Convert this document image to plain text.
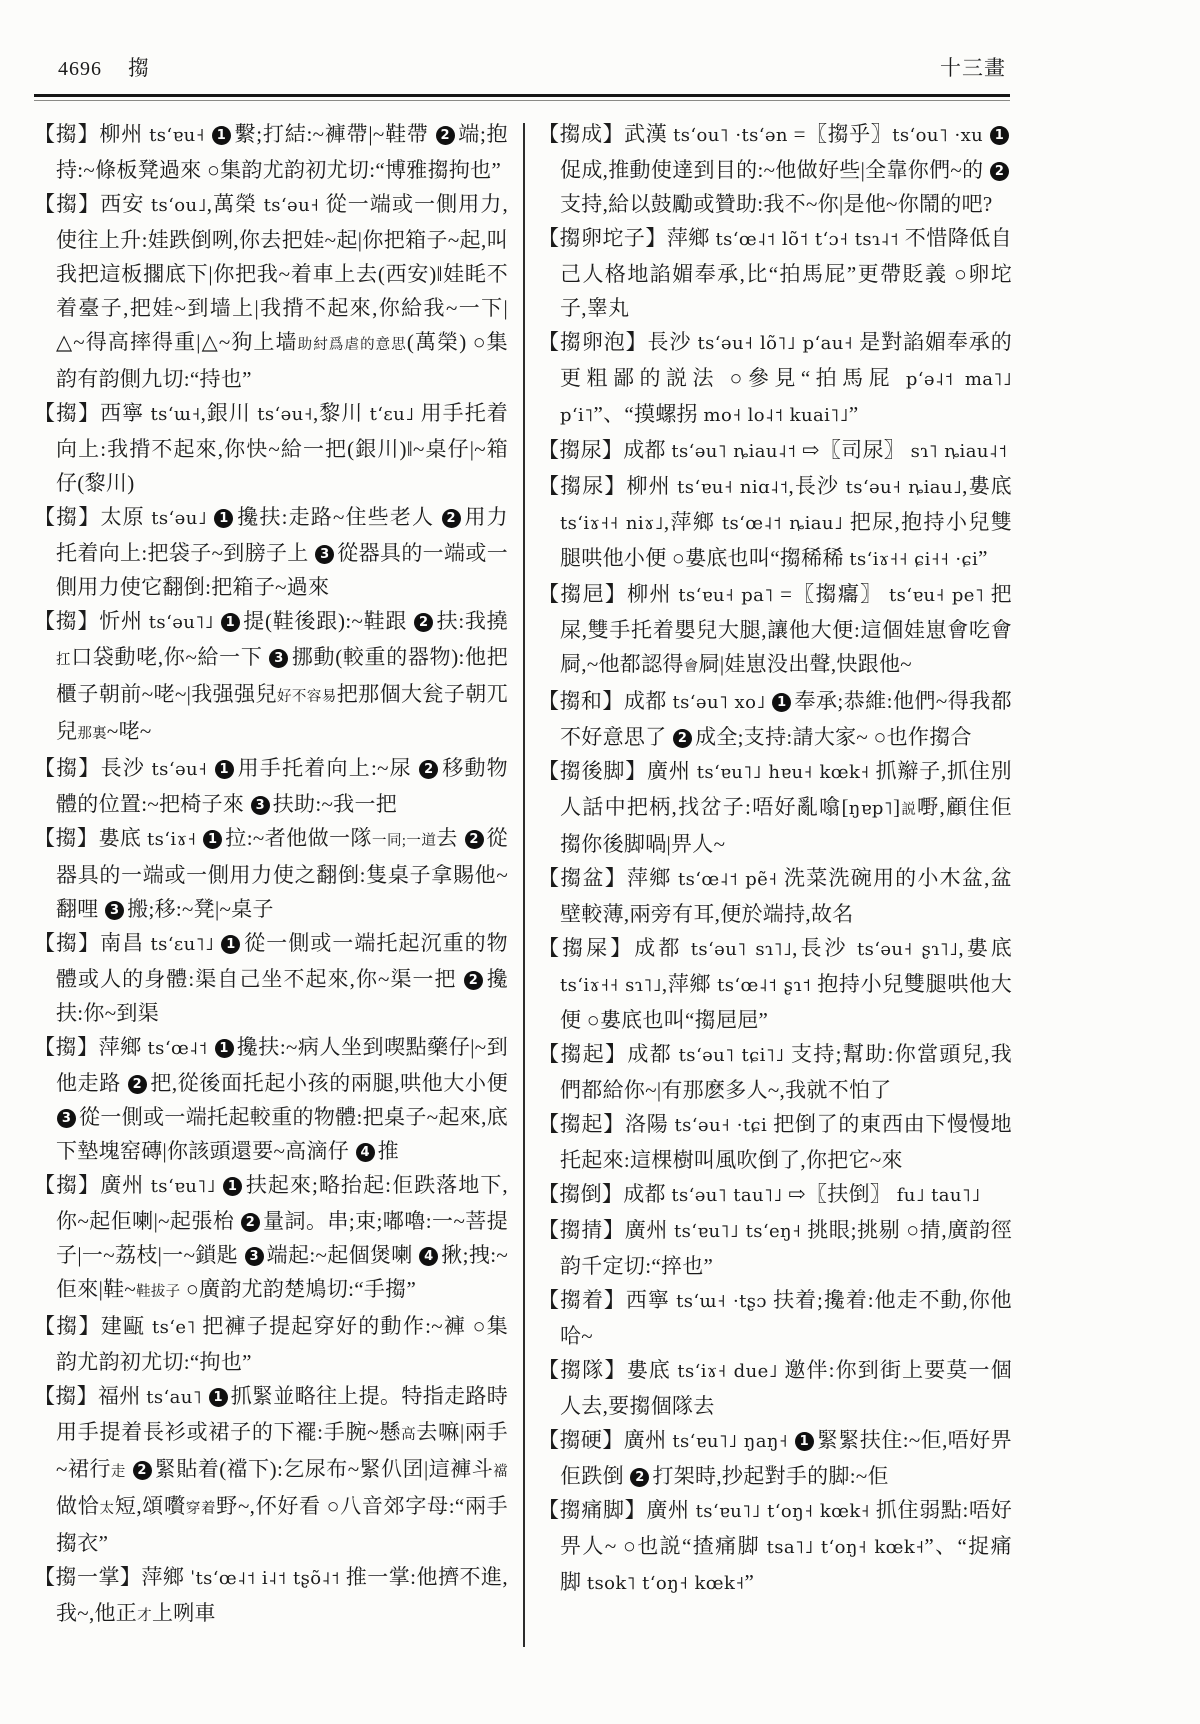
4696 搊	十三畫
【搊】柳州 tsʻɐu˧ 1 繫;打結:~褲帶|~鞋帶 2 端;抱持:~條板凳過來 ○集韵尤韵初尤切:“博雅搊拘也”
【搊】西安 tsʻou˩,萬榮 tsʻəu˧ 從一端或一側用力,使往上升:娃跌倒咧,你去把娃~起|你把箱子~起,叫我把這板擱底下|你把我~着車上去(西安)‖娃眊不着臺子,把娃~到墙上|我揹不起來,你給我~一下|△~得高摔得重|△~狗上墙助紂爲虐的意思(萬榮) ○集韵有韵側九切:“持也”
【搊】西寧 tsʻɯ˧,銀川 tsʻəu˧,黎川 tʻɛu˩ 用手托着向上:我揹不起來,你快~給一把(銀川)‖~桌仔|~箱仔(黎川)
【搊】太原 tsʻəu˩ 1 攙扶:走路~住些老人 2 用力托着向上:把袋子~到膀子上 3 從器具的一端或一側用力使它翻倒:把箱子~過來
【搊】忻州 tsʻəu˥˩ 1 提(鞋後跟):~鞋跟 2 扶:我撓扛口袋動咾,你~給一下 3 挪動(較重的器物):他把櫃子朝前~咾~|我强强兒好不容易把那個大瓮子朝兀兒那裏~咾~
【搊】長沙 tsʻəu˧ 1 用手托着向上:~尿 2 移動物體的位置:~把椅子來 3 扶助:~我一把
【搊】婁底 tsʻiɤ˧ 1 拉:~者他做一隊一同;一道去 2 從器具的一端或一側用力使之翻倒:隻桌子拿賜他~翻哩 3 搬;移:~凳|~桌子
【搊】南昌 tsʻɛu˥˩ 1 從一側或一端托起沉重的物體或人的身體:渠自己坐不起來,你~渠一把 2 攙扶:你~到渠
【搊】萍鄉 tsʻœ˨˦ 1 攙扶:~病人坐到喫點藥仔|~到他走路 2 把,從後面托起小孩的兩腿,哄他大小便 3 從一側或一端托起較重的物體:把桌子~起來,底下墊塊窑磚|你該頭還要~高滴仔 4 推
【搊】廣州 tsʻɐu˥˩ 1 扶起來;略抬起:佢跌落地下,你~起佢喇|~起張枱 2 量詞。串;束;嘟嚕:一~菩提子|一~荔枝|一~鎖匙 3 端起:~起個煲喇 4 揪;拽:~佢來|鞋~鞋拔子 ○廣韵尤韵楚鳩切:“手搊”
【搊】建甌 tsʻe˥ 把褲子提起穿好的動作:~褲 ○集韵尤韵初尤切:“拘也”
【搊】福州 tsʻau˥ 1 抓緊並略往上提。特指走路時用手提着長衫或裙子的下襬:手腕~懸高去嘛|兩手~裙行走 2 緊貼着(襠下):乞尿布~緊仈囝|這褲斗襠做恰太短,頌嚽穿着野~,伓好看 ○八音郊字母:“兩手搊衣”
【搊一掌】萍鄉 ˈtsʻœ˨˦ i˨˦ tʂõ˨˦ 推一掌:他擠不進,我~,他正才上咧車
【搊成】武漢 tsʻou˥ ·tsʻən =〖搊乎〗tsʻou˥ ·xu 1促成,推動使達到目的:~他做好些|全靠你們~的 2支持,給以鼓勵或贊助:我不~你|是他~你鬧的吧?
【搊卵坨子】萍鄉 tsʻœ˨˦ lõ˦ tʻɔ˧ tsɿ˨˦ 不惜降低自己人格地諂媚奉承,比“拍馬屁”更帶貶義 ○卵坨子,睾丸
【搊卵泡】長沙 tsʻəu˧ lõ˥˩ pʻau˧ 是對諂媚奉承的更粗鄙的説法 ○參見“拍馬屁 pʻə˨˦ ma˥˩ pʻi˥”、“摸螺拐 mo˧ lo˨˦ kuai˥˩”
【搊尿】成都 tsʻəu˥ ȵiau˨˦ ⇨〖司尿〗 sɿ˥ ȵiau˨˦
【搊尿】柳州 tsʻɐu˧ niɑ˨˦,長沙 tsʻəu˧ ȵiau˩,婁底 tsʻiɤ˧˧ niɤ˩,萍鄉 tsʻœ˨˦ ȵiau˩ 把尿,抱持小兒雙腿哄他小便 ○婁底也叫“搊稀稀 tsʻiɤ˧˧ ɕi˧˧ ·ɕi”
【搊㞎】柳州 tsʻɐu˧ pa˥ =〖搊癟〗 tsʻɐu˧ pe˥ 把屎,雙手托着嬰兒大腿,讓他大便:這個娃崽會吃會屙,~他都認得會屙|娃崽没出聲,快跟他~
【搊和】成都 tsʻəu˥ xo˩ 1 奉承;恭維:他們~得我都不好意思了 2 成全;支持:請大家~ ○也作搊合
【搊後脚】廣州 tsʻɐu˥˩ hɐu˧ kœk˧ 抓辮子,抓住別人話中把柄,找岔子:唔好亂噏[ŋɐp˥]説嘢,顧住佢搊你後脚喎|畀人~
【搊盆】萍鄉 tsʻœ˨˦ pẽ˧ 洗菜洗碗用的小木盆,盆壁較薄,兩旁有耳,便於端持,故名
【搊屎】成都 tsʻəu˥ sɿ˥˩,長沙 tsʻəu˧ ʂɿ˥˩,婁底 tsʻiɤ˧˧ sɿ˥˩,萍鄉 tsʻœ˨˦ ʂɿ˦ 抱持小兒雙腿哄他大便 ○婁底也叫“搊㞎㞎”
【搊起】成都 tsʻəu˥ tɕi˥˩ 支持;幫助:你當頭兒,我們都給你~|有那麽多人~,我就不怕了
【搊起】洛陽 tsʻəu˧ ·tɕi 把倒了的東西由下慢慢地托起來:這棵樹叫風吹倒了,你把它~來
【搊倒】成都 tsʻəu˥ tau˥˩ ⇨〖扶倒〗 fu˩ tau˥˩
【搊掅】廣州 tsʻɐu˥˩ tsʻeŋ˧ 挑眼;挑剔 ○掅,廣韵徑韵千定切:“捽也”
【搊着】西寧 tsʻɯ˧ ·tʂɔ 扶着;攙着:他走不動,你他哈~
【搊隊】婁底 tsʻiɤ˧ due˩ 邀伴:你到街上要莫一個人去,要搊個隊去
【搊硬】廣州 tsʻɐu˥˩ ŋaŋ˧ 1 緊緊扶住:~佢,唔好畀佢跌倒 2 打架時,抄起對手的脚:~佢
【搊痛脚】廣州 tsʻɐu˥˩ tʻoŋ˧ kœk˧ 抓住弱點:唔好畀人~ ○也説“揸痛脚 tsa˥˩ tʻoŋ˧ kœk˧”、“捉痛脚 tsok˥ tʻoŋ˧ kœk˧”
